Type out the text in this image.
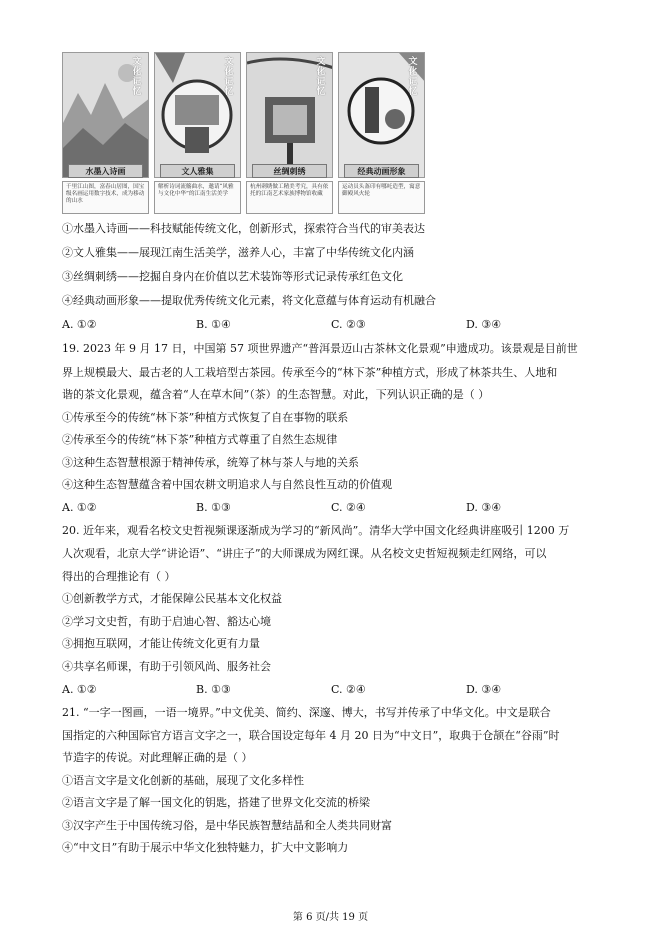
文化 记忆
水墨入诗画
千里江山图，富春山居图，国宝级名画运用数字技术，成为移动的山水
文化 记忆
文人雅集
解析诗词流觞曲水，邀请“风雅与文化中华”的江南生活美学
文化 记忆
丝绸刺绣
杭州刺绣做工精美考究，具有依托的江南艺术家族博物馆收藏
文化 记忆
经典动画形象
运动员头盔印有哪吒造型，寓意御殿风火轮
①水墨入诗画——科技赋能传统文化，创新形式，探索符合当代的审美表达
②文人雅集——展现江南生活美学，滋养人心，丰富了中华传统文化内涵
③丝绸刺绣——挖掘自身内在价值以艺术装饰等形式记录传承红色文化
④经典动画形象——提取优秀传统文化元素，将文化意蕴与体育运动有机融合
A. ①②	B. ①④	C. ②③	D. ③④
19. 2023 年 9 月 17 日，中国第 57 项世界遗产“普洱景迈山古茶林文化景观”申遗成功。该景观是目前世
界上规模最大、最古老的人工栽培型古茶园。传承至今的“林下茶”种植方式，形成了林茶共生、人地和
谐的茶文化景观，蕴含着“人在草木间”（茶）的生态智慧。对此，下列认识正确的是（ ）
①传承至今的传统“林下茶”种植方式恢复了自在事物的联系
②传承至今的传统“林下茶”种植方式尊重了自然生态规律
③这种生态智慧根源于精神传承，统筹了林与茶人与地的关系
④这种生态智慧蕴含着中国农耕文明追求人与自然良性互动的价值观
A. ①②	B. ①③	C. ②④	D. ③④
20. 近年来，观看名校文史哲视频课逐渐成为学习的“新风尚”。清华大学中国文化经典讲座吸引 1200 万
人次观看，北京大学“讲论语”、“讲庄子”的大师课成为网红课。从名校文史哲短视频走红网络，可以
得出的合理推论有（ ）
①创新教学方式，才能保障公民基本文化权益
②学习文史哲，有助于启迪心智、豁达心境
③拥抱互联网，才能让传统文化更有力量
④共享名师课，有助于引领风尚、服务社会
A. ①②	B. ①③	C. ②④	D. ③④
21. “一字一图画，一语一境界。”中文优美、简约、深邃、博大，书写并传承了中华文化。中文是联合
国指定的六种国际官方语言文字之一，联合国设定每年 4 月 20 日为“中文日”，取典于仓颉在“谷雨”时
节造字的传说。对此理解正确的是（ ）
①语言文字是文化创新的基础，展现了文化多样性
②语言文字是了解一国文化的钥匙，搭建了世界文化交流的桥梁
③汉字产生于中国传统习俗，是中华民族智慧结晶和全人类共同财富
④“中文日”有助于展示中华文化独特魅力，扩大中文影响力
第 6 页/共 19 页
